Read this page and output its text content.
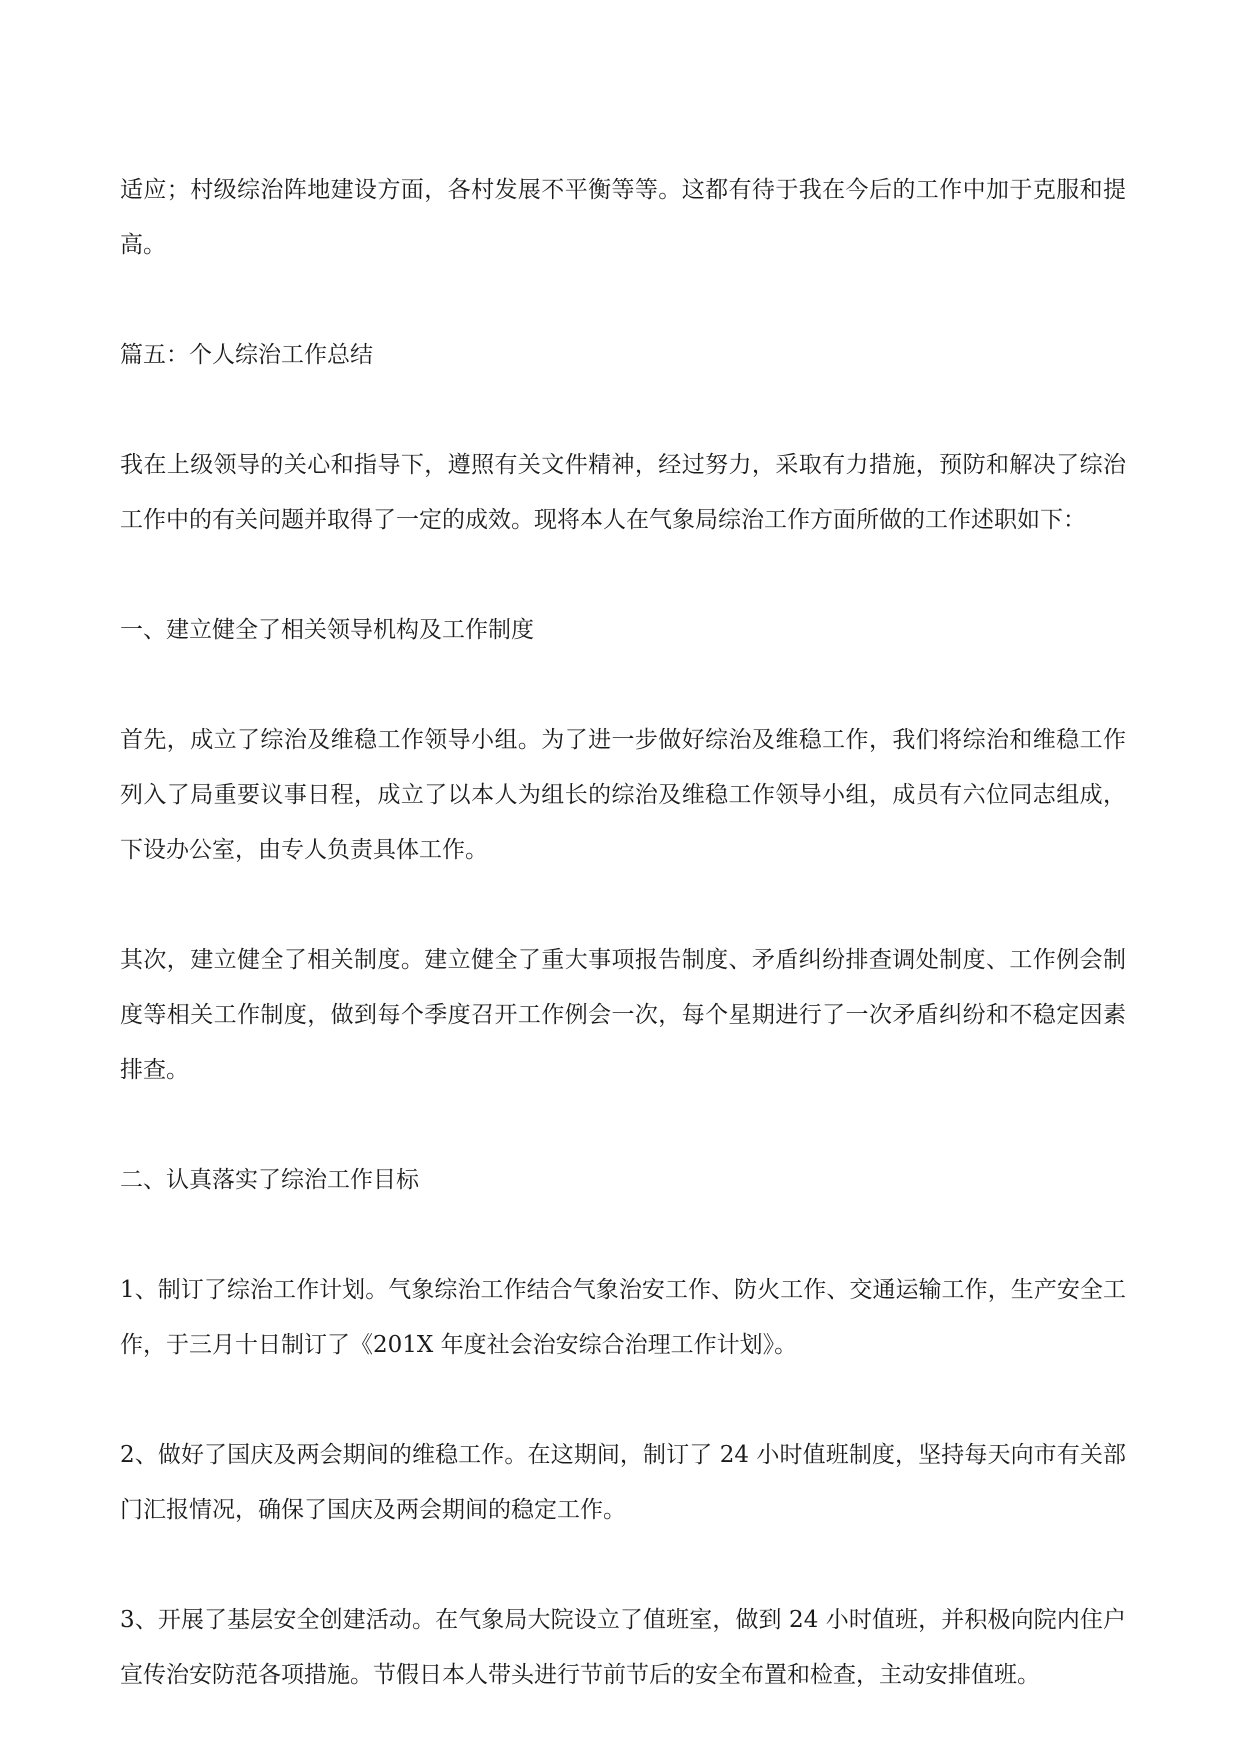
适应；村级综治阵地建设方面，各村发展不平衡等等。这都有待于我在今后的工作中加于克服和提高。

篇五：个人综治工作总结

我在上级领导的关心和指导下，遵照有关文件精神，经过努力，采取有力措施，预防和解决了综治工作中的有关问题并取得了一定的成效。现将本人在气象局综治工作方面所做的工作述职如下：

一、建立健全了相关领导机构及工作制度

首先，成立了综治及维稳工作领导小组。为了进一步做好综治及维稳工作，我们将综治和维稳工作列入了局重要议事日程，成立了以本人为组长的综治及维稳工作领导小组，成员有六位同志组成，下设办公室，由专人负责具体工作。

其次，建立健全了相关制度。建立健全了重大事项报告制度、矛盾纠纷排查调处制度、工作例会制度等相关工作制度，做到每个季度召开工作例会一次，每个星期进行了一次矛盾纠纷和不稳定因素排查。

二、认真落实了综治工作目标

1、制订了综治工作计划。气象综治工作结合气象治安工作、防火工作、交通运输工作，生产安全工作，于三月十日制订了《201X 年度社会治安综合治理工作计划》。

2、做好了国庆及两会期间的维稳工作。在这期间，制订了 24 小时值班制度，坚持每天向市有关部门汇报情况，确保了国庆及两会期间的稳定工作。

3、开展了基层安全创建活动。在气象局大院设立了值班室，做到 24 小时值班，并积极向院内住户宣传治安防范各项措施。节假日本人带头进行节前节后的安全布置和检查，主动安排值班。
